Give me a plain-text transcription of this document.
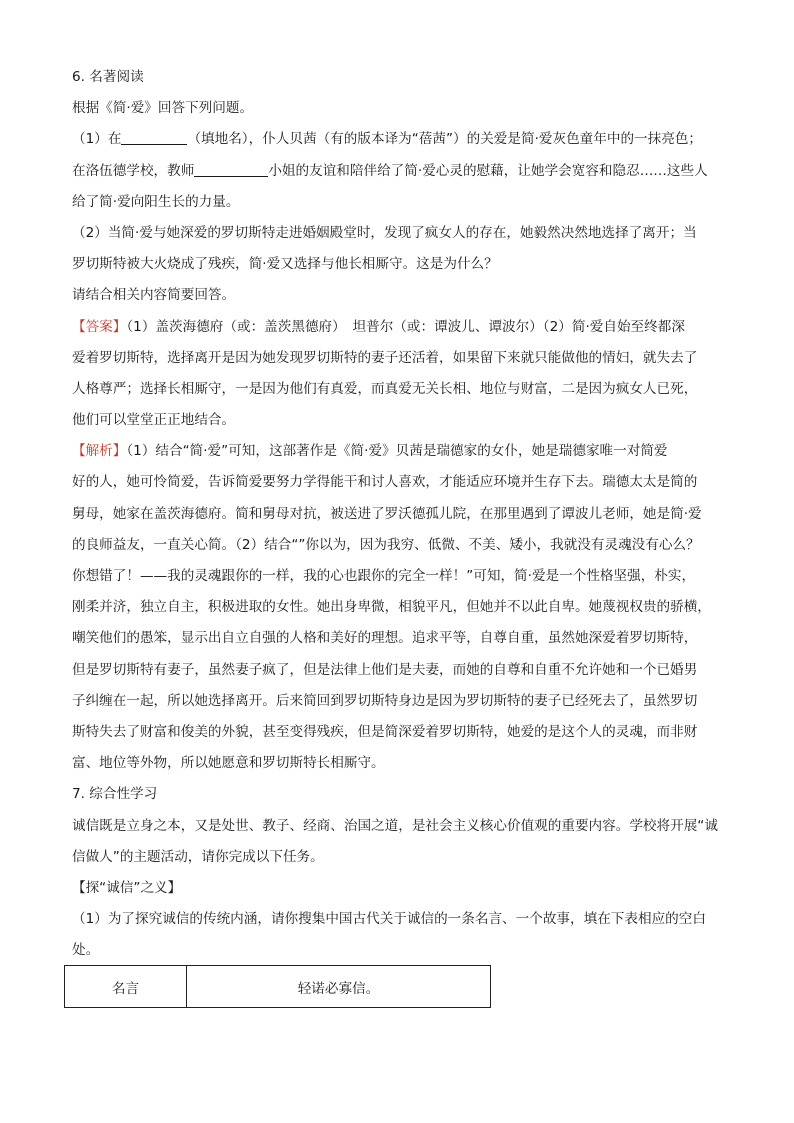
6. 名著阅读

根据《简·爱》回答下列问题。

（1）在	（填地名），仆人贝茜（有的版本译为“蓓茜”）的关爱是简·爱灰色童年中的一抹亮色；

在洛伍德学校，教师	小姐的友谊和陪伴给了简·爱心灵的慰藉，让她学会宽容和隐忍……这些人

给了简·爱向阳生长的力量。

（2）当简·爱与她深爱的罗切斯特走进婚姻殿堂时，发现了疯女人的存在，她毅然决然地选择了离开；当

罗切斯特被大火烧成了残疾，简·爱又选择与他长相厮守。这是为什么？

请结合相关内容简要回答。

【答案】（1）盖茨海德府（或：盖茨黑德府）　坦普尔（或：谭波儿、谭波尔）（2）简·爱自始至终都深

爱着罗切斯特，选择离开是因为她发现罗切斯特的妻子还活着，如果留下来就只能做他的情妇，就失去了

人格尊严；选择长相厮守，一是因为他们有真爱，而真爱无关长相、地位与财富，二是因为疯女人已死，

他们可以堂堂正正地结合。

【解析】（1）结合“简·爱”可知，这部著作是《简·爱》贝茜是瑞德家的女仆，她是瑞德家唯一对简爱

好的人，她可怜简爱，告诉简爱要努力学得能干和讨人喜欢，才能适应环境并生存下去。瑞德太太是简的

舅母，她家在盖茨海德府。简和舅母对抗，被送进了罗沃德孤儿院，在那里遇到了谭波儿老师，她是简·爱

的良师益友，一直关心简。（2）结合“”你以为，因为我穷、低微、不美、矮小，我就没有灵魂没有心么？

你想错了！——我的灵魂跟你的一样，我的心也跟你的完全一样！”可知，简·爱是一个性格坚强，朴实，

刚柔并济，独立自主，积极进取的女性。她出身卑微，相貌平凡，但她并不以此自卑。她蔑视权贵的骄横，

嘲笑他们的愚笨，显示出自立自强的人格和美好的理想。追求平等，自尊自重，虽然她深爱着罗切斯特，

但是罗切斯特有妻子，虽然妻子疯了，但是法律上他们是夫妻，而她的自尊和自重不允许她和一个已婚男

子纠缠在一起，所以她选择离开。后来简回到罗切斯特身边是因为罗切斯特的妻子已经死去了，虽然罗切

斯特失去了财富和俊美的外貌，甚至变得残疾，但是简深爱着罗切斯特，她爱的是这个人的灵魂，而非财

富、地位等外物，所以她愿意和罗切斯特长相厮守。

7. 综合性学习

诚信既是立身之本，又是处世、教子、经商、治国之道，是社会主义核心价值观的重要内容。学校将开展“诚

信做人”的主题活动，请你完成以下任务。

【探“诚信”之义】

（1）为了探究诚信的传统内涵，请你搜集中国古代关于诚信的一条名言、一个故事，填在下表相应的空白

处。

名言	轻诺必寡信。
